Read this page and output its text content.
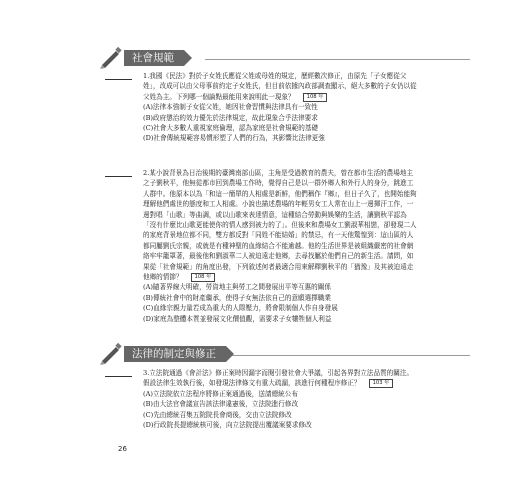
社會規範
1.我國《民法》對於子女姓氏應從父姓或母姓的規定，歷經數次修正，由原先「子女應從父姓」，改成可以由父母事前約定子女姓氏，但目前依據內政部調查顯示，絕大多數的子女仍以從父姓為主。下列哪一個論點最能用來說明此一現象？ 108 年
(A)法律本強制子女從父姓，她因社會習慣與法律具有一致性
(B)政府懲治的效力優先於法律規定，故此現象合乎法律要求
(C)社會大多數人重視家庭倫理，認為家庭是社會規範的基礎
(D)社會傳統規範容易慣形塑了人們的行為，其影響比法律更強
2.某小說背景為日治後期的臺灣南部山區，主角是受過教育的農夫，曾在都市生活的農場地主之子劉秋平，他無從都市回到農場工作時，覺得自己是以一群外鄉人和外行人的身分，跳進工人群中。他原本以為「和這一簡單的人相處是新鮮，他們稱作『鄉』，但日子久了，也開始能夠理解他們處世的態度和工人相處。小說也描述農場的年輕男女工人常在山上一邊揮汗工作，一邊對唱「山歌」等曲調，或以山歌來表達情意，這種結合勞動與娛樂的生活，讓劉秋平認為「沒有什麼比山歌更能使你的情人感到被力的了」。但後來和農場女工劉淑華相戀，卻發現二人的家庭背景地位都不同，雙方都反對「同姓不能結婚」的禁忌，有一天他驚惶到：這山區的人都同屬劉氏宗親，或就是有種神聖的血緣結合不能逾越。他的生活世界是被組織嚴密的社會網絡牢牢籠罩著，最後他和劉淑華二人被迫遠走他鄉，去尋找屬於他們自己的新生活。請問，如果從「社會規範」的角度出發，下列敘述何者最適合用來解釋劉秋平的「猶豫」及其被迫遠走他鄉的情節？ 108 年
(A)隨著界線大明確，勞資地主與勞工之間發展出平等互惠的關係
(B)傳統社會中的財產繼承，使得子女無法依自己的意願選擇職業
(C)血緣宗親力量若成為重大的人際壓力，將會限制個人作自身發展
(D)家庭為整體本質並發展文化價值觀，需要求子女犧牲個人利益
法律的制定與修正
3.立法院通過《會計法》修正案時因漏字而閱引發社會大爭議，引起各界對立法品質的關注。假設法律生效執行後，如發現法律條文有重大疏漏，該進行何種程序修正？ 103 年
(A)立法院依立法程序將修正案通過後，送請總統公布
(B)由大法官會議宣告該法律違憲後，立法院進行修改
(C)先由總統召集五院院長會商後，交由立法院修改
(D)行政院長提總統核可後，向立法院提出覆議案要求修改
26
